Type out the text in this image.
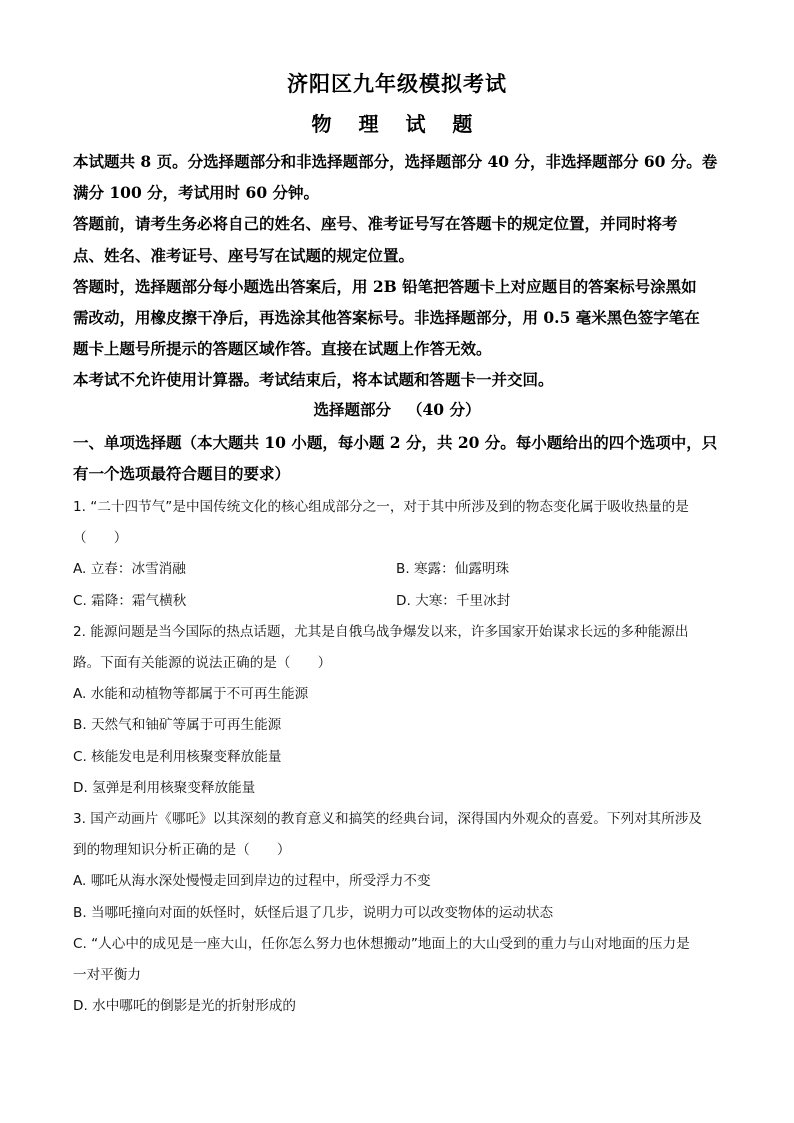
济阳区九年级模拟考试
物 理 试 题

本试题共 8 页。分选择题部分和非选择题部分，选择题部分 40 分，非选择题部分 60 分。卷

满分 100 分，考试用时 60 分钟。

答题前，请考生务必将自己的姓名、座号、准考证号写在答题卡的规定位置，并同时将考

点、姓名、准考证号、座号写在试题的规定位置。

答题时，选择题部分每小题选出答案后，用 2B 铅笔把答题卡上对应题目的答案标号涂黑如

需改动，用橡皮擦干净后，再选涂其他答案标号。非选择题部分，用 0.5 毫米黑色签字笔在

题卡上题号所提示的答题区域作答。直接在试题上作答无效。

本考试不允许使用计算器。考试结束后，将本试题和答题卡一并交回。

选择题部分 （40 分）

一、单项选择题（本大题共 10 小题，每小题 2 分，共 20 分。每小题给出的四个选项中，只

有一个选项最符合题目的要求）

1. “二十四节气”是中国传统文化的核心组成部分之一，对于其中所涉及到的物态变化属于吸收热量的是

（　　）

A. 立春：冰雪消融	B. 寒露：仙露明珠
C. 霜降：霜气横秋	D. 大寒：千里冰封

2. 能源问题是当今国际的热点话题，尤其是自俄乌战争爆发以来，许多国家开始谋求长远的多种能源出

路。下面有关能源的说法正确的是（　　）

A. 水能和动植物等都属于不可再生能源

B. 天然气和铀矿等属于可再生能源

C. 核能发电是利用核聚变释放能量

D. 氢弹是利用核聚变释放能量

3. 国产动画片《哪吒》以其深刻的教育意义和搞笑的经典台词，深得国内外观众的喜爱。下列对其所涉及

到的物理知识分析正确的是（　　）

A. 哪吒从海水深处慢慢走回到岸边的过程中，所受浮力不变

B. 当哪吒撞向对面的妖怪时，妖怪后退了几步，说明力可以改变物体的运动状态

C. “人心中的成见是一座大山，任你怎么努力也休想搬动”地面上的大山受到的重力与山对地面的压力是

一对平衡力

D. 水中哪吒的倒影是光的折射形成的
